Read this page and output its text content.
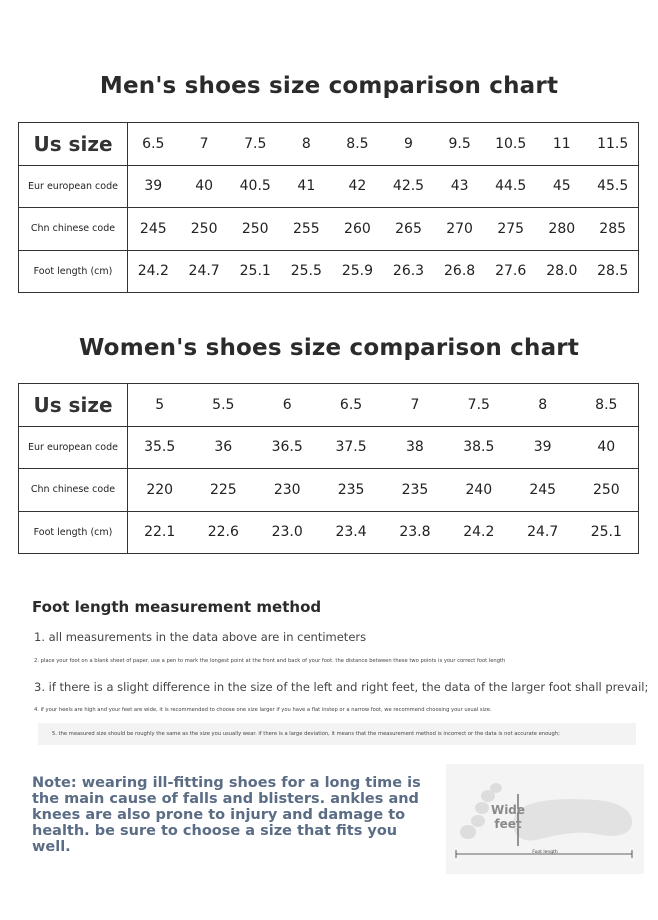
Men's shoes size comparison chart
Us size	6.5	7	7.5	8	8.5	9	9.5	10.5	11	11.5
Eur european code	39	40	40.5	41	42	42.5	43	44.5	45	45.5
Chn chinese code	245	250	250	255	260	265	270	275	280	285
Foot length (cm)	24.2	24.7	25.1	25.5	25.9	26.3	26.8	27.6	28.0	28.5
Women's shoes size comparison chart
Us size	5	5.5	6	6.5	7	7.5	8	8.5
Eur european code	35.5	36	36.5	37.5	38	38.5	39	40
Chn chinese code	220	225	230	235	235	240	245	250
Foot length (cm)	22.1	22.6	23.0	23.4	23.8	24.2	24.7	25.1
Foot length measurement method
1. all measurements in the data above are in centimeters
2. place your foot on a blank sheet of paper. use a pen to mark the longest point at the front and back of your foot. the distance between these two points is your correct foot length
3. if there is a slight difference in the size of the left and right feet, the data of the larger foot shall prevail;
4. if your heels are high and your feet are wide, it is recommended to choose one size larger if you have a flat instep or a narrow foot, we recommend choosing your usual size.
5. the measured size should be roughly the same as the size you usually wear. if there is a large deviation, it means that the measurement method is incorrect or the data is not accurate enough;
Note: wearing ill-fitting shoes for a long time is the main cause of falls and blisters. ankles and knees are also prone to injury and damage to health. be sure to choose a size that fits you well.
Wide feet
Foot length
